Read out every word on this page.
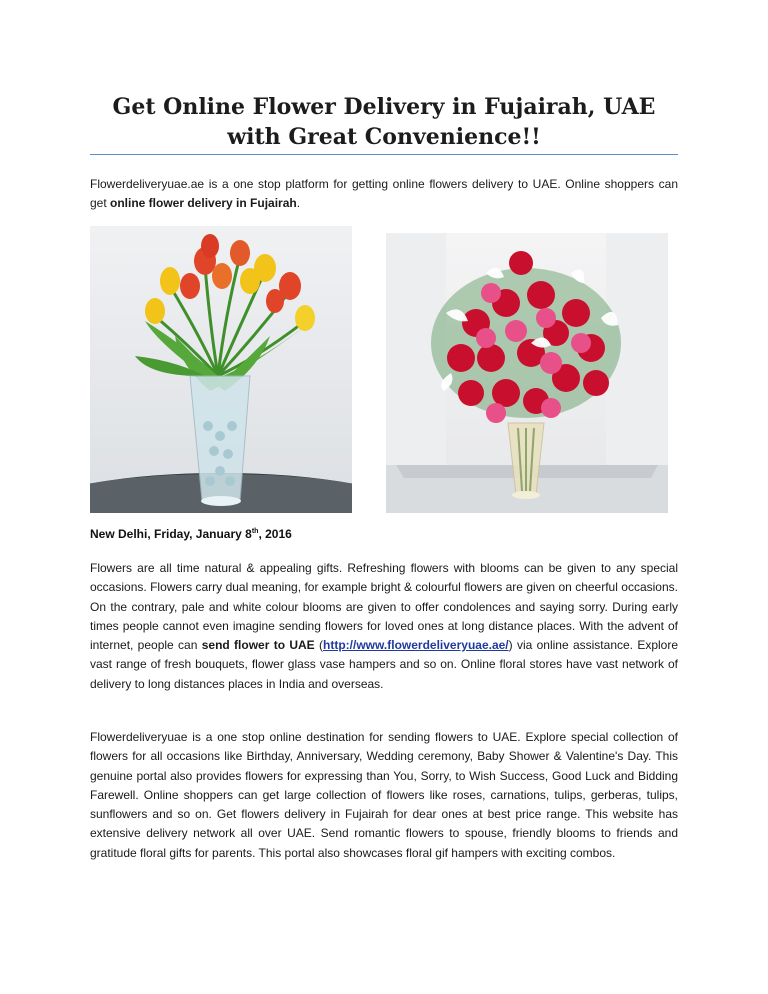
Get Online Flower Delivery in Fujairah, UAE with Great Convenience!!

Flowerdeliveryuae.ae is a one stop platform for getting online flowers delivery to UAE. Online shoppers can get online flower delivery in Fujairah.

New Delhi, Friday, January 8th, 2016

Flowers are all time natural & appealing gifts. Refreshing flowers with blooms can be given to any special occasions. Flowers carry dual meaning, for example bright & colourful flowers are given on cheerful occasions. On the contrary, pale and white colour blooms are given to offer condolences and saying sorry. During early times people cannot even imagine sending flowers for loved ones at long distance places. With the advent of internet, people can send flower to UAE (http://www.flowerdeliveryuae.ae/) via online assistance. Explore vast range of fresh bouquets, flower glass vase hampers and so on. Online floral stores have vast network of delivery to long distances places in India and overseas.

Flowerdeliveryuae is a one stop online destination for sending flowers to UAE. Explore special collection of flowers for all occasions like Birthday, Anniversary, Wedding ceremony, Baby Shower & Valentine's Day. This genuine portal also provides flowers for expressing than You, Sorry, to Wish Success, Good Luck and Bidding Farewell. Online shoppers can get large collection of flowers like roses, carnations, tulips, gerberas, tulips, sunflowers and so on. Get flowers delivery in Fujairah for dear ones at best price range. This website has extensive delivery network all over UAE. Send romantic flowers to spouse, friendly blooms to friends and gratitude floral gifts for parents. This portal also showcases floral gif hampers with exciting combos.
